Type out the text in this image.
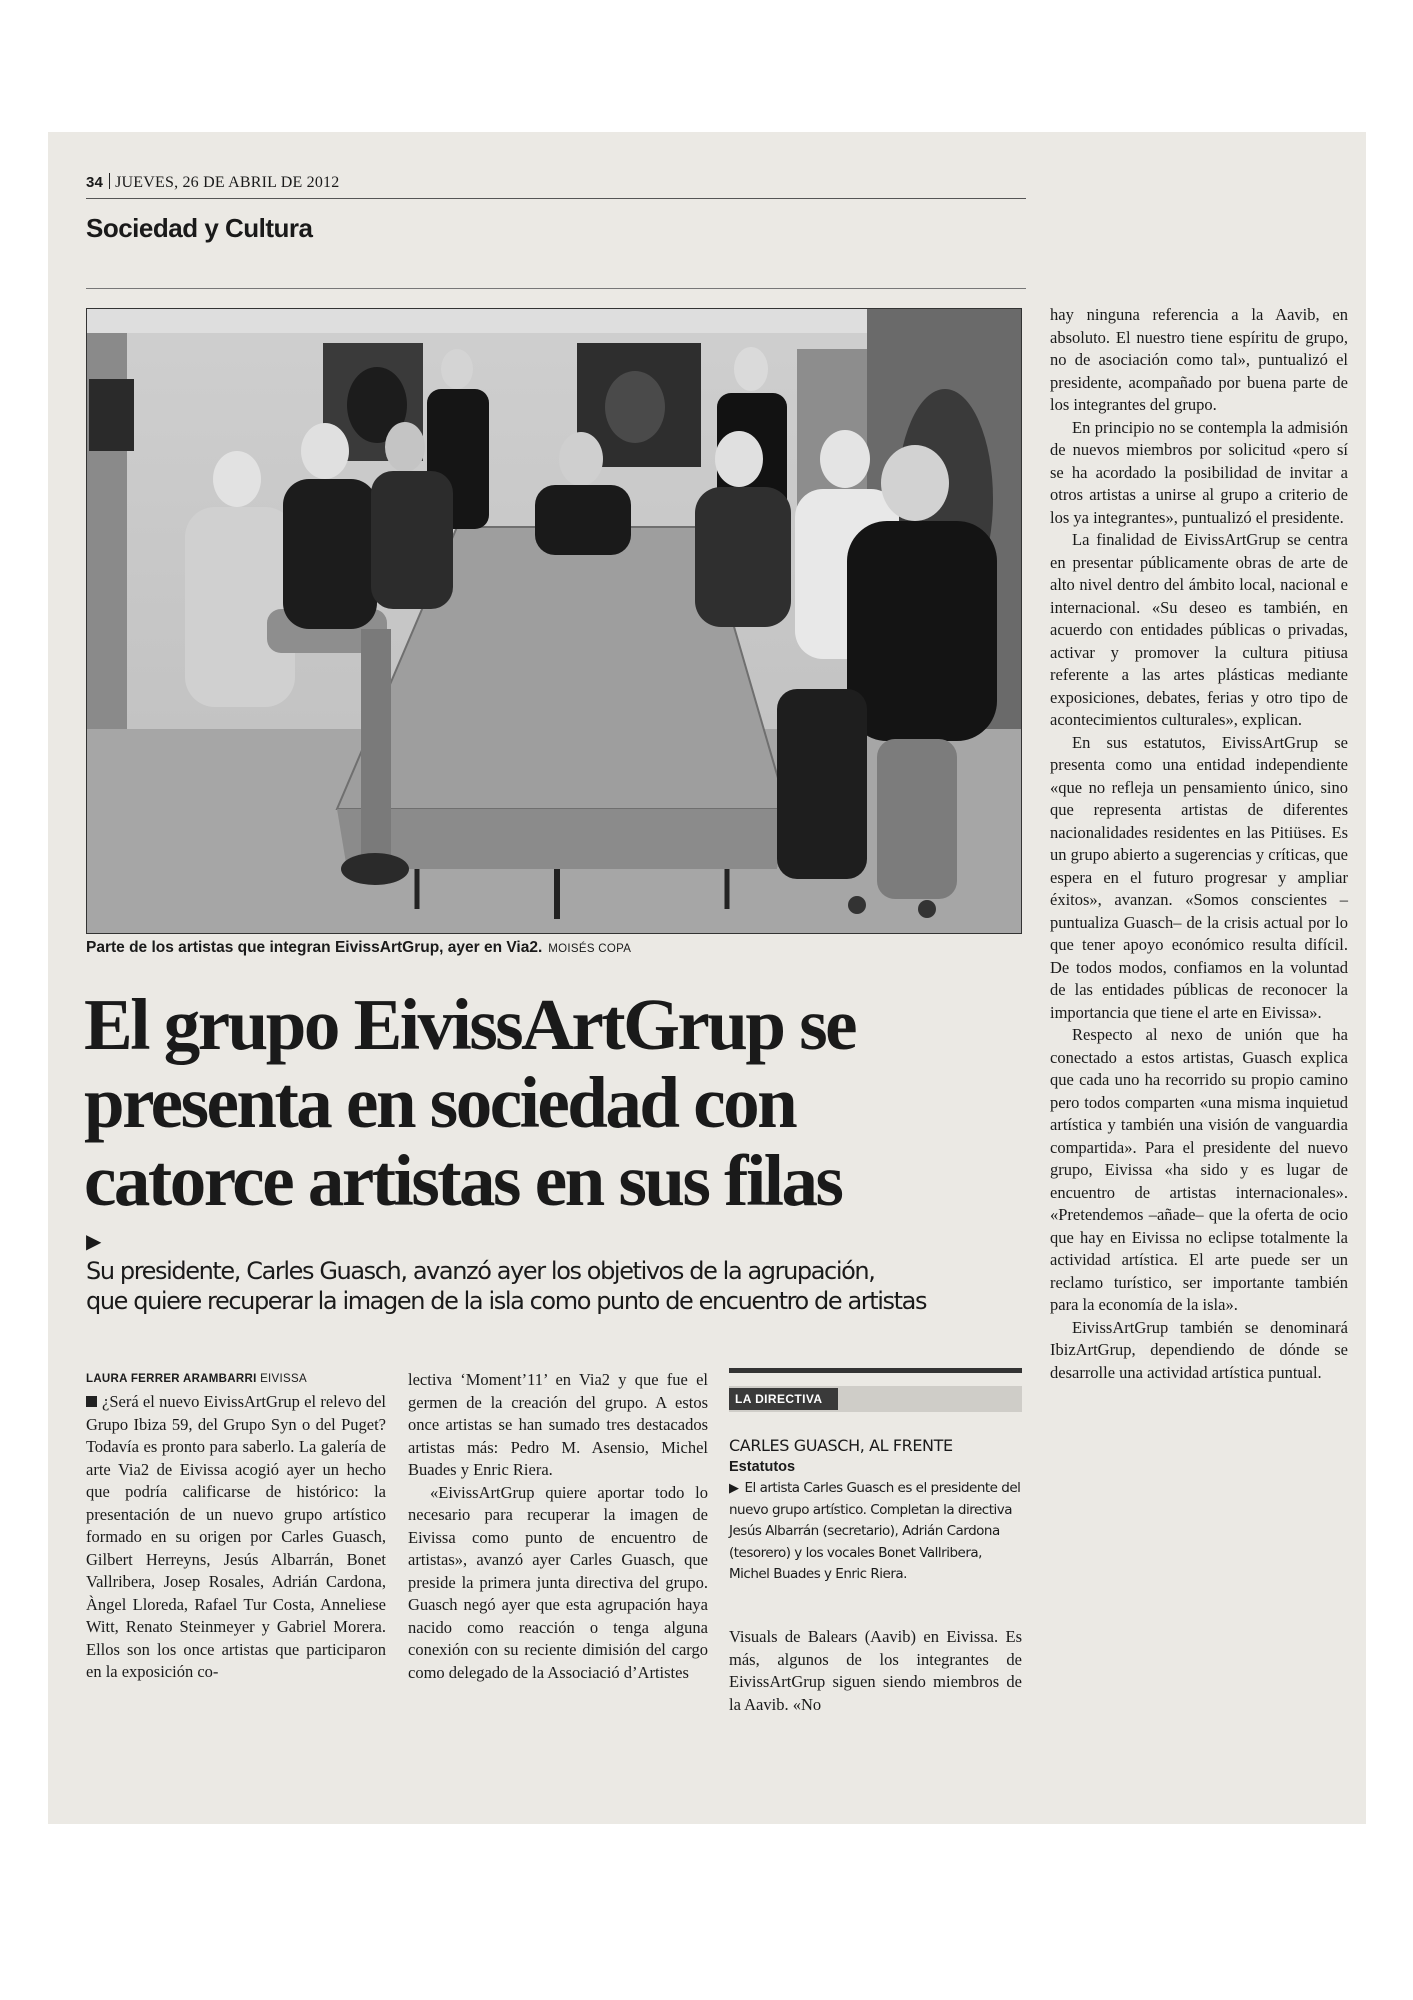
34 JUEVES, 26 DE ABRIL DE 2012
Sociedad y Cultura
Parte de los artistas que integran EivissArtGrup, ayer en Via2. MOISÉS COPA
El grupo EivissArtGrup se
presenta en sociedad con
catorce artistas en sus filas
▶
Su presidente, Carles Guasch, avanzó ayer los objetivos de la agrupación,
que quiere recuperar la imagen de la isla como punto de encuentro de artistas
LAURA FERRER ARAMBARRI EIVISSA

¿Será el nuevo EivissArtGrup el relevo del Grupo Ibiza 59, del Grupo Syn o del Puget? Todavía es pronto para saberlo. La galería de arte Via2 de Eivissa acogió ayer un hecho que podría calificarse de histórico: la presentación de un nuevo grupo artístico formado en su origen por Carles Guasch, Gilbert Herreyns, Jesús Albarrán, Bonet Vallribera, Josep Rosales, Adrián Cardona, Àngel Lloreda, Rafael Tur Costa, Anneliese Witt, Renato Steinmeyer y Gabriel Morera. Ellos son los once artistas que participaron en la exposición co-

lectiva ‘Moment’11’ en Via2 y que fue el germen de la creación del grupo. A estos once artistas se han sumado tres destacados artistas más: Pedro M. Asensio, Michel Buades y Enric Riera.

«EivissArtGrup quiere aportar todo lo necesario para recuperar la imagen de Eivissa como punto de encuentro de artistas», avanzó ayer Carles Guasch, que preside la primera junta directiva del grupo. Guasch negó ayer que esta agrupación haya nacido como reacción o tenga alguna conexión con su reciente dimisión del cargo como delegado de la Associació d’Artistes

LA DIRECTIVA
CARLES GUASCH, AL FRENTE
Estatutos
▶ El artista Carles Guasch es el presidente del nuevo grupo artístico. Completan la directiva Jesús Albarrán (secretario), Adrián Cardona (tesorero) y los vocales Bonet Vallribera, Michel Buades y Enric Riera.

Visuals de Balears (Aavib) en Eivissa. Es más, algunos de los integrantes de EivissArtGrup siguen siendo miembros de la Aavib. «No

hay ninguna referencia a la Aavib, en absoluto. El nuestro tiene espíritu de grupo, no de asociación como tal», puntualizó el presidente, acompañado por buena parte de los integrantes del grupo.

En principio no se contempla la admisión de nuevos miembros por solicitud «pero sí se ha acordado la posibilidad de invitar a otros artistas a unirse al grupo a criterio de los ya integrantes», puntualizó el presidente.

La finalidad de EivissArtGrup se centra en presentar públicamente obras de arte de alto nivel dentro del ámbito local, nacional e internacional. «Su deseo es también, en acuerdo con entidades públicas o privadas, activar y promover la cultura pitiusa referente a las artes plásticas mediante exposiciones, debates, ferias y otro tipo de acontecimientos culturales», explican.

En sus estatutos, EivissArtGrup se presenta como una entidad independiente «que no refleja un pensamiento único, sino que representa artistas de diferentes nacionalidades residentes en las Pitiüses. Es un grupo abierto a sugerencias y críticas, que espera en el futuro progresar y ampliar éxitos», avanzan. «Somos conscientes –puntualiza Guasch– de la crisis actual por lo que tener apoyo económico resulta difícil. De todos modos, confiamos en la voluntad de las entidades públicas de reconocer la importancia que tiene el arte en Eivissa».

Respecto al nexo de unión que ha conectado a estos artistas, Guasch explica que cada uno ha recorrido su propio camino pero todos comparten «una misma inquietud artística y también una visión de vanguardia compartida». Para el presidente del nuevo grupo, Eivissa «ha sido y es lugar de encuentro de artistas internacionales». «Pretendemos –añade– que la oferta de ocio que hay en Eivissa no eclipse totalmente la actividad artística. El arte puede ser un reclamo turístico, ser importante también para la economía de la isla».

EivissArtGrup también se denominará IbizArtGrup, dependiendo de dónde se desarrolle una actividad artística puntual.
